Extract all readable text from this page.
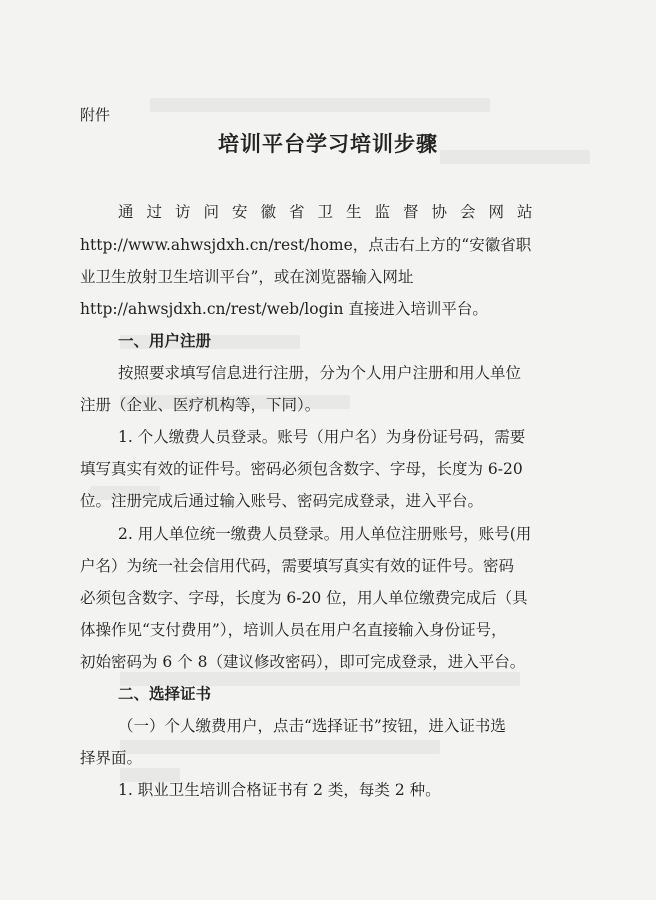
附件
培训平台学习培训步骤
通过访问安徽省卫生监督协会网站
http://www.ahwsjdxh.cn/rest/home，点击右上方的“安徽省职
业卫生放射卫生培训平台”，或在浏览器输入网址
http://ahwsjdxh.cn/rest/web/login 直接进入培训平台。
一、用户注册
按照要求填写信息进行注册，分为个人用户注册和用人单位
注册（企业、医疗机构等，下同）。
1. 个人缴费人员登录。账号（用户名）为身份证号码，需要
填写真实有效的证件号。密码必须包含数字、字母，长度为 6-20
位。注册完成后通过输入账号、密码完成登录，进入平台。
2. 用人单位统一缴费人员登录。用人单位注册账号，账号(用
户名）为统一社会信用代码，需要填写真实有效的证件号。密码
必须包含数字、字母，长度为 6-20 位，用人单位缴费完成后（具
体操作见“支付费用”），培训人员在用户名直接输入身份证号，
初始密码为 6 个 8（建议修改密码），即可完成登录，进入平台。
二、选择证书
（一）个人缴费用户，点击“选择证书”按钮，进入证书选
择界面。
1. 职业卫生培训合格证书有 2 类，每类 2 种。
